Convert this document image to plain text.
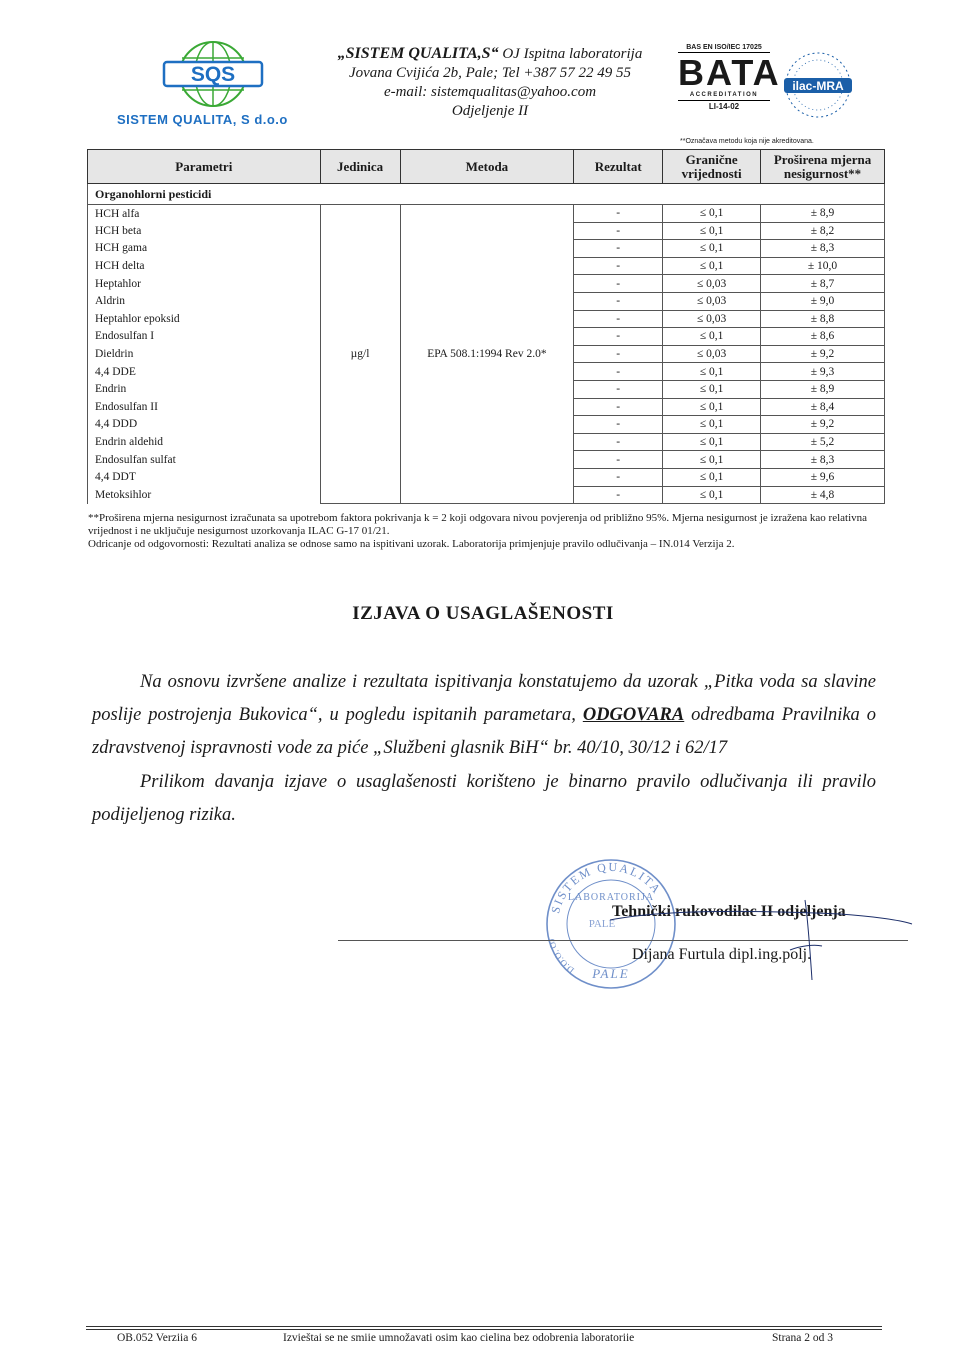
SQS
SISTEM QUALITA, S d.o.o
„SISTEM QUALITA,S“ OJ Ispitna laboratorija
Jovana Cvijića 2b, Pale; Tel +387 57 22 49 55
e-mail: sistemqualitas@yahoo.com
Odjeljenje II
BAS EN ISO/IEC 17025
BATA
ACCREDITATION
LI-14-02
ilac-MRA
**Označava metodu koja nije akreditovana.
Parametri	Jedinica	Metoda	Rezultat	Granične vrijednosti	Proširena mjerna nesigurnost**
Organohlorni pesticidi					
HCH alfa	µg/l	EPA 508.1:1994 Rev 2.0*	-	≤ 0,1	± 8,9
HCH beta			-	≤ 0,1	± 8,2
HCH gama			-	≤ 0,1	± 8,3
HCH delta			-	≤ 0,1	± 10,0
Heptahlor			-	≤ 0,03	± 8,7
Aldrin			-	≤ 0,03	± 9,0
Heptahlor epoksid			-	≤ 0,03	± 8,8
Endosulfan I			-	≤ 0,1	± 8,6
Dieldrin			-	≤ 0,03	± 9,2
4,4 DDE			-	≤ 0,1	± 9,3
Endrin			-	≤ 0,1	± 8,9
Endosulfan II			-	≤ 0,1	± 8,4
4,4 DDD			-	≤ 0,1	± 9,2
Endrin aldehid			-	≤ 0,1	± 5,2
Endosulfan sulfat			-	≤ 0,1	± 8,3
4,4 DDT			-	≤ 0,1	± 9,6
Metoksihlor			-	≤ 0,1	± 4,8
**Proširena mjerna nesigurnost izračunata sa upotrebom faktora pokrivanja k = 2 koji odgovara nivou povjerenja od približno 95%. Mjerna nesigurnost je izražena kao relativna vrijednost i ne uključuje nesigurnost uzorkovanja ILAC G-17 01/21.
Odricanje od odgovornosti: Rezultati analiza se odnose samo na ispitivani uzorak. Laboratorija primjenjuje pravilo odlučivanja – IN.014 Verzija 2.
IZJAVA O USAGLAŠENOSTI
Na osnovu izvršene analize i rezultata ispitivanja konstatujemo da uzorak „Pitka voda sa slavine poslije postrojenja Bukovica“, u pogledu ispitanih parametara, ODGOVARA odredbama Pravilnika o zdravstvenoj ispravnosti vode za piće „Službeni glasnik BiH“ br. 40/10, 30/12 i 62/17
Prilikom davanja izjave o usaglašenosti korišteno je binarno pravilo odlučivanja ili pravilo podijeljenog rizika.
SISTEM QUALITA
LABORATORIJA
D.O.O. O
PALE
PALE
Tehnički rukovodilac II odjeljenja
Dijana Furtula dipl.ing.polj.
OB.052 Verziia 6	Izvieštai se ne smiie umnožavati osim kao cielina bez odobrenia laboratoriie	Strana 2 od 3
